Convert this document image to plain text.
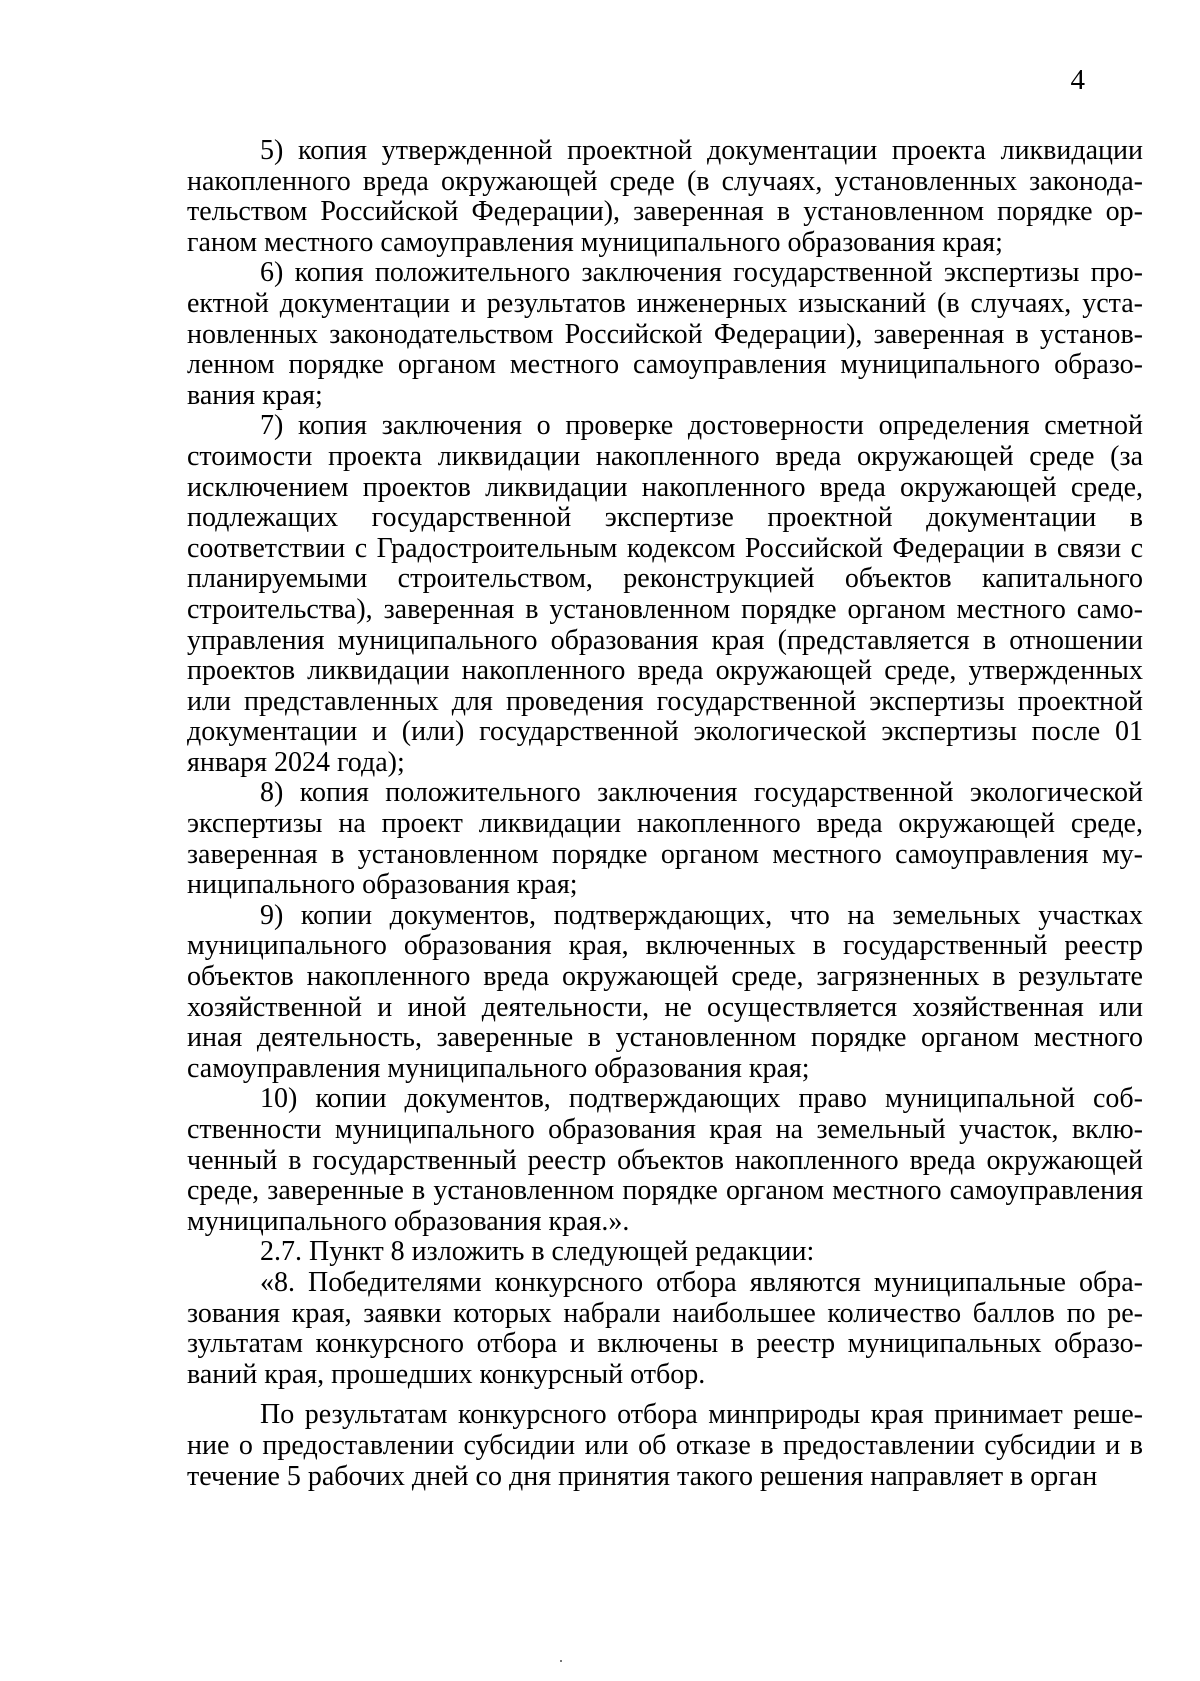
4

5) копия утвержденной проектной документации проекта ликвидации накопленного вреда окружающей среде (в случаях, установленных законодательством Российской Федерации), заверенная в установленном порядке органом местного самоуправления муниципального образования края;

6) копия положительного заключения государственной экспертизы проектной документации и результатов инженерных изысканий (в случаях, установленных законодательством Российской Федерации), заверенная в установленном порядке органом местного самоуправления муниципального образования края;

7) копия заключения о проверке достоверности определения сметной стоимости проекта ликвидации накопленного вреда окружающей среде (за исключением проектов ликвидации накопленного вреда окружающей среде, подлежащих государственной экспертизе проектной документации в соответствии с Градостроительным кодексом Российской Федерации в связи с планируемыми строительством, реконструкцией объектов капитального строительства), заверенная в установленном порядке органом местного самоуправления муниципального образования края (представляется в отношении проектов ликвидации накопленного вреда окружающей среде, утвержденных или представленных для проведения государственной экспертизы проектной документации и (или) государственной экологической экспертизы после 01 января 2024 года);

8) копия положительного заключения государственной экологической экспертизы на проект ликвидации накопленного вреда окружающей среде, заверенная в установленном порядке органом местного самоуправления муниципального образования края;

9) копии документов, подтверждающих, что на земельных участках муниципального образования края, включенных в государственный реестр объектов накопленного вреда окружающей среде, загрязненных в результате хозяйственной и иной деятельности, не осуществляется хозяйственная или иная деятельность, заверенные в установленном порядке органом местного самоуправления муниципального образования края;

10) копии документов, подтверждающих право муниципальной собственности муниципального образования края на земельный участок, включенный в государственный реестр объектов накопленного вреда окружающей среде, заверенные в установленном порядке органом местного самоуправления муниципального образования края.».

2.7. Пункт 8 изложить в следующей редакции:

«8. Победителями конкурсного отбора являются муниципальные образования края, заявки которых набрали наибольшее количество баллов по результатам конкурсного отбора и включены в реестр муниципальных образований края, прошедших конкурсный отбор.

По результатам конкурсного отбора минприроды края принимает решение о предоставлении субсидии или об отказе в предоставлении субсидии и в течение 5 рабочих дней со дня принятия такого решения направляет в орган
